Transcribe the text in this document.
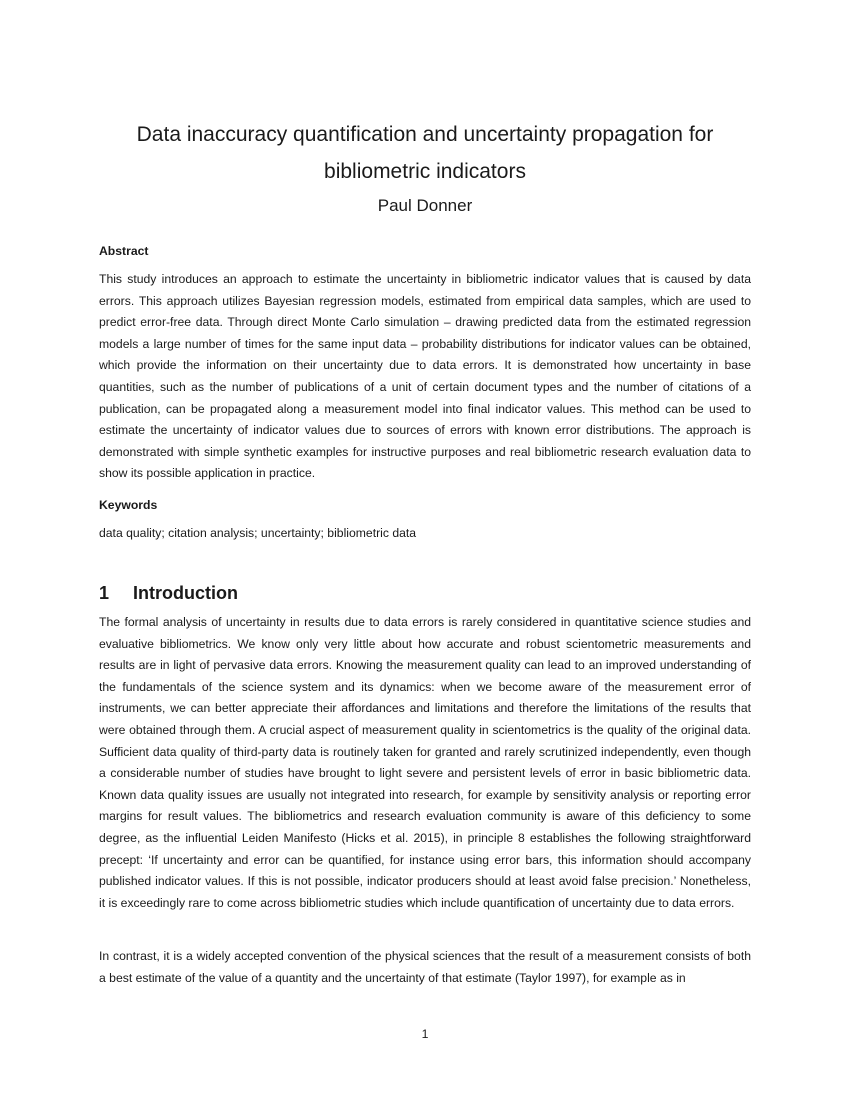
Data inaccuracy quantification and uncertainty propagation for bibliometric indicators
Paul Donner
Abstract

This study introduces an approach to estimate the uncertainty in bibliometric indicator values that is caused by data errors. This approach utilizes Bayesian regression models, estimated from empirical data samples, which are used to predict error-free data. Through direct Monte Carlo simulation – drawing predicted data from the estimated regression models a large number of times for the same input data – probability distributions for indicator values can be obtained, which provide the information on their uncertainty due to data errors. It is demonstrated how uncertainty in base quantities, such as the number of publications of a unit of certain document types and the number of citations of a publication, can be propagated along a measurement model into final indicator values. This method can be used to estimate the uncertainty of indicator values due to sources of errors with known error distributions. The approach is demonstrated with simple synthetic examples for instructive purposes and real bibliometric research evaluation data to show its possible application in practice.

Keywords

data quality; citation analysis; uncertainty; bibliometric data

1 Introduction

The formal analysis of uncertainty in results due to data errors is rarely considered in quantitative science studies and evaluative bibliometrics. We know only very little about how accurate and robust scientometric measurements and results are in light of pervasive data errors. Knowing the measurement quality can lead to an improved understanding of the fundamentals of the science system and its dynamics: when we become aware of the measurement error of instruments, we can better appreciate their affordances and limitations and therefore the limitations of the results that were obtained through them. A crucial aspect of measurement quality in scientometrics is the quality of the original data. Sufficient data quality of third-party data is routinely taken for granted and rarely scrutinized independently, even though a considerable number of studies have brought to light severe and persistent levels of error in basic bibliometric data. Known data quality issues are usually not integrated into research, for example by sensitivity analysis or reporting error margins for result values. The bibliometrics and research evaluation community is aware of this deficiency to some degree, as the influential Leiden Manifesto (Hicks et al. 2015), in principle 8 establishes the following straightforward precept: ‘If uncertainty and error can be quantified, for instance using error bars, this information should accompany published indicator values. If this is not possible, indicator producers should at least avoid false precision.’ Nonetheless, it is exceedingly rare to come across bibliometric studies which include quantification of uncertainty due to data errors.

In contrast, it is a widely accepted convention of the physical sciences that the result of a measurement consists of both a best estimate of the value of a quantity and the uncertainty of that estimate (Taylor 1997), for example as in

1
